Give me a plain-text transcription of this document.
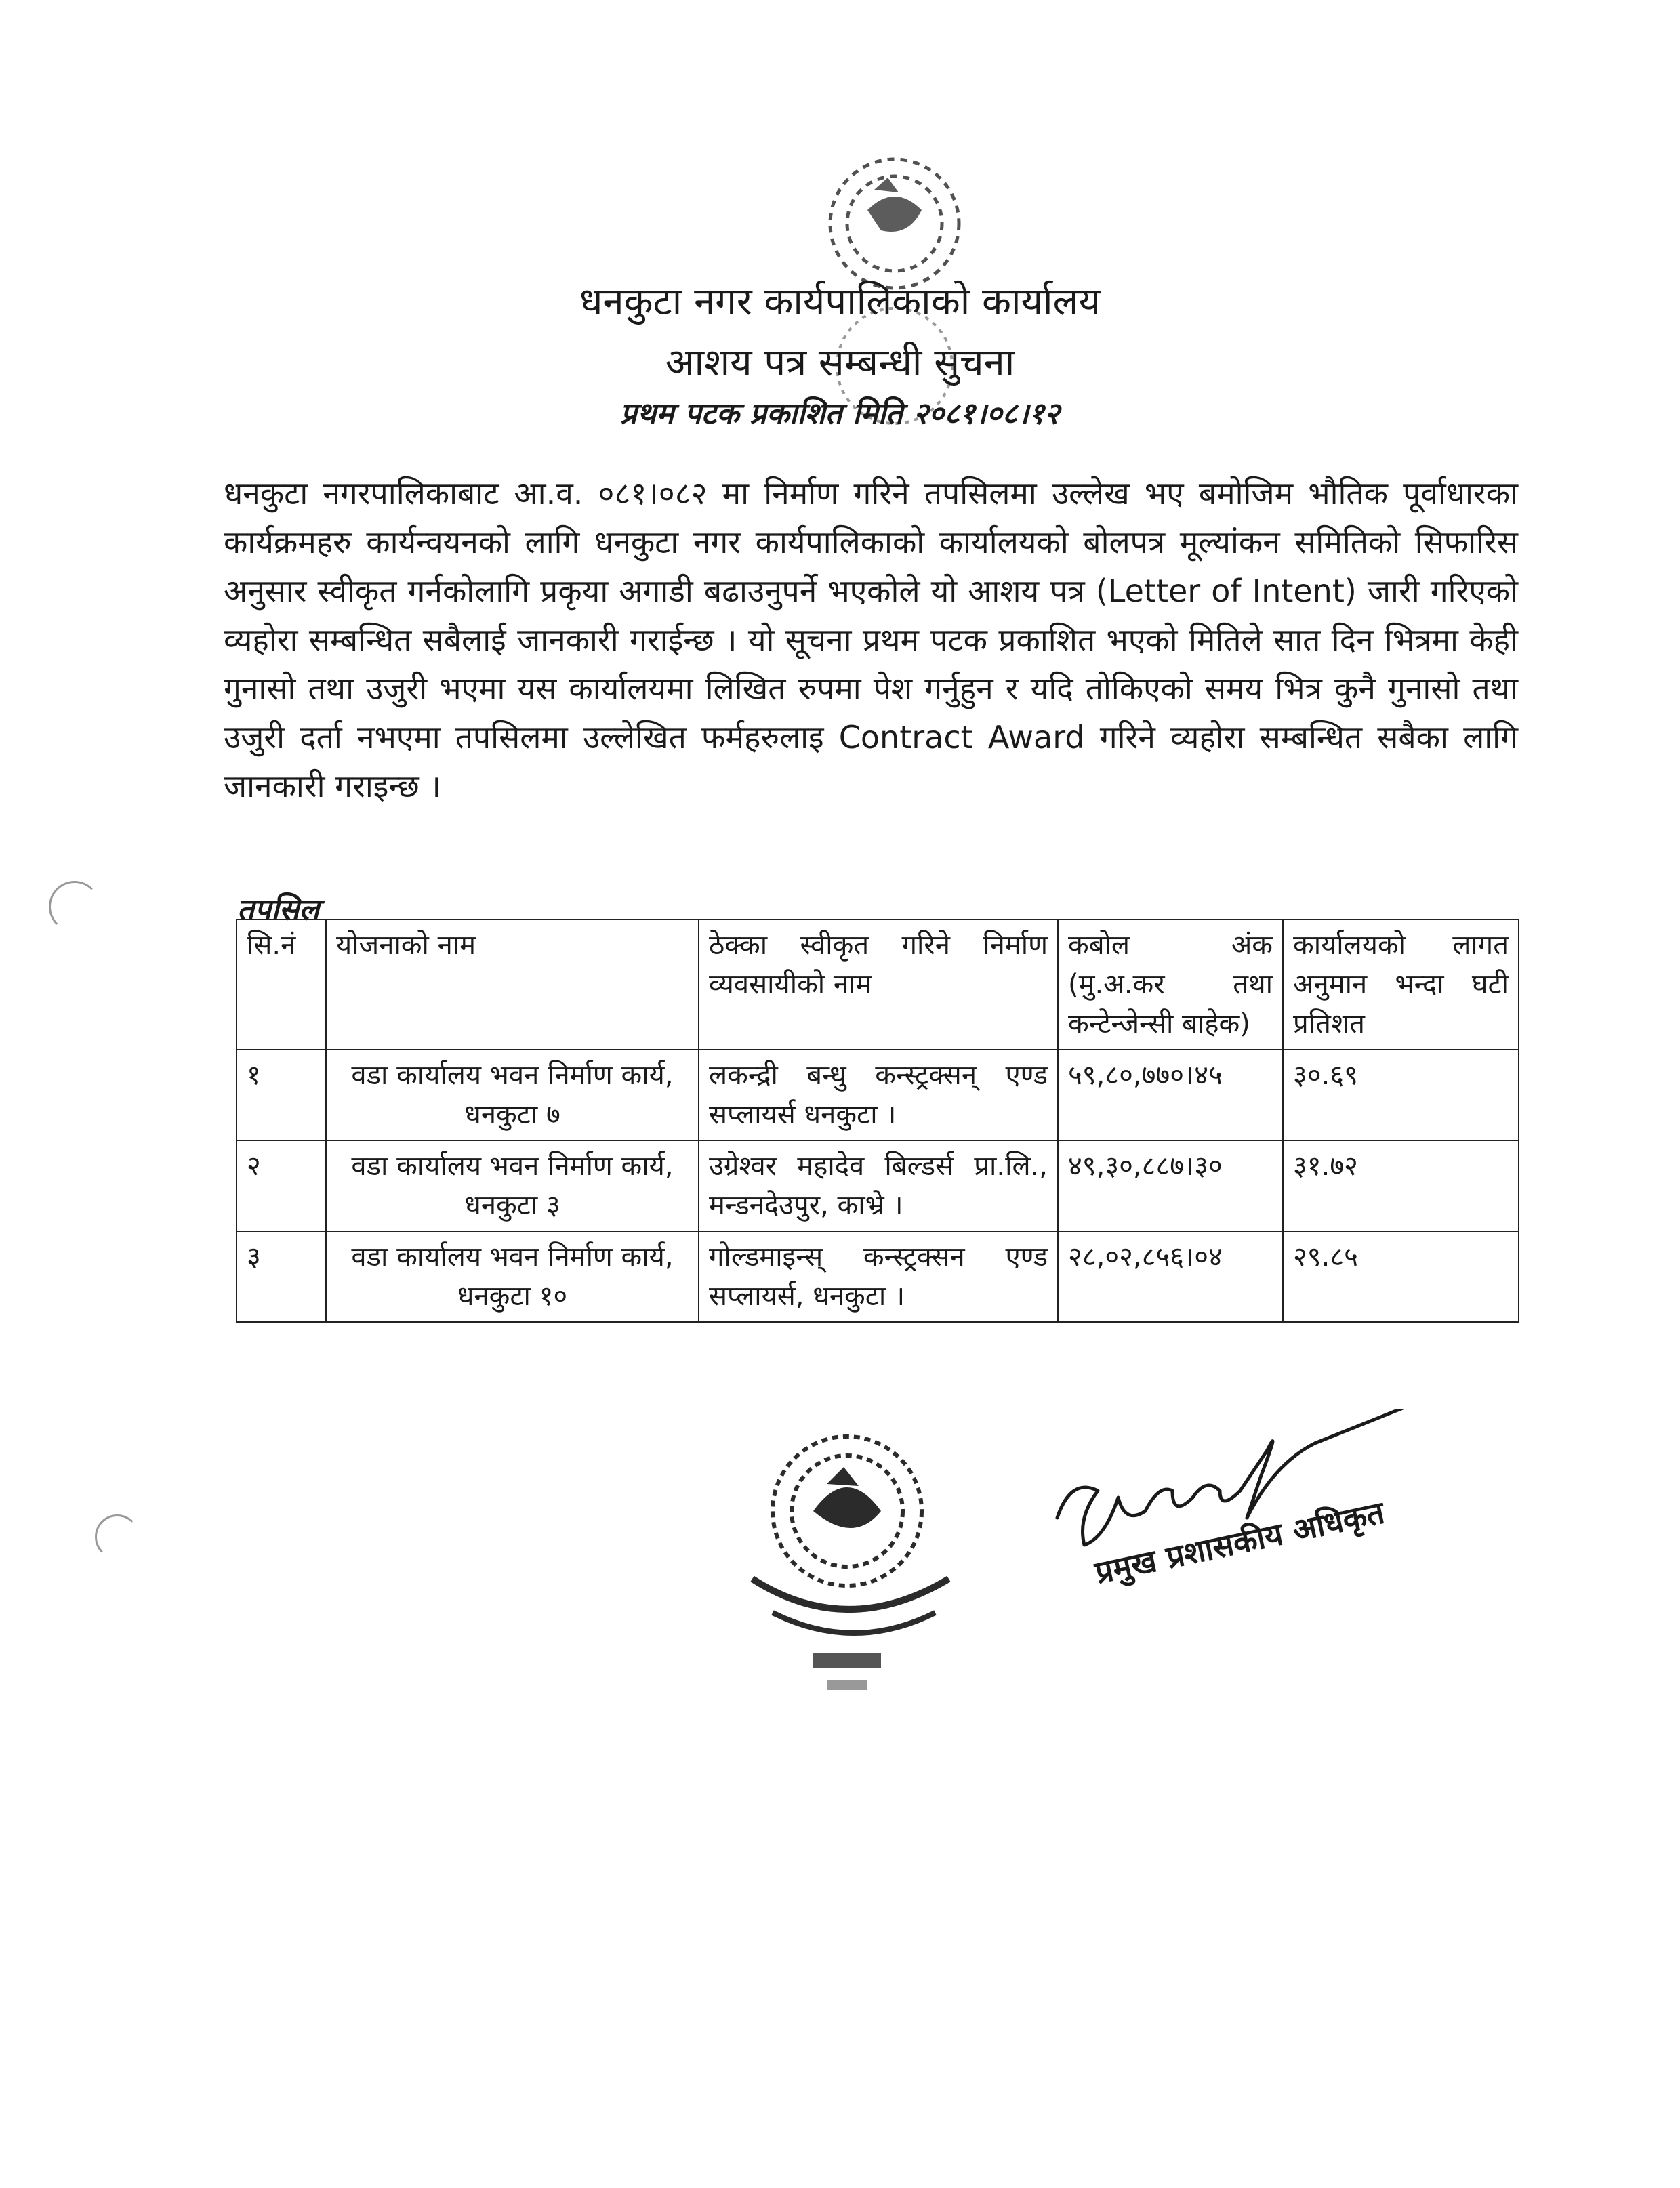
धनकुटा नगर कार्यपालिकाको कार्यालय
आशय पत्र सम्बन्धी सुचना
प्रथम पटक प्रकाशित मिति २०८१।०८।१२
धनकुटा नगरपालिकाबाट आ.व. ०८१।०८२ मा निर्माण गरिने तपसिलमा उल्लेख भए बमोजिम भौतिक पूर्वाधारका कार्यक्रमहरु कार्यन्वयनको लागि धनकुटा नगर कार्यपालिकाको कार्यालयको बोलपत्र मूल्यांकन समितिको सिफारिस अनुसार स्वीकृत गर्नकोलागि प्रकृया अगाडी बढाउनुपर्ने भएकोले यो आशय पत्र (Letter of Intent) जारी गरिएको व्यहोरा सम्बन्धित सबैलाई जानकारी गराईन्छ । यो सूचना प्रथम पटक प्रकाशित भएको मितिले सात दिन भित्रमा केही गुनासो तथा उजुरी भएमा यस कार्यालयमा लिखित रुपमा पेश गर्नुहुन र यदि तोकिएको समय भित्र कुनै गुनासो तथा उजुरी दर्ता नभएमा तपसिलमा उल्लेखित फर्महरुलाइ Contract Award गरिने व्यहोरा सम्बन्धित सबैका लागि जानकारी गराइन्छ ।
तपसिल
सि.नं	योजनाको नाम	ठेक्का स्वीकृत गरिने निर्माण व्यवसायीको नाम	कबोल अंक (मु.अ.कर तथा कन्टेन्जेन्सी बाहेक)	कार्यालयको लागत अनुमान भन्दा घटी प्रतिशत
१	वडा कार्यालय भवन निर्माण कार्य, धनकुटा ७	लकन्द्री बन्धु कन्स्ट्रक्सन् एण्ड सप्लायर्स धनकुटा ।	५९,८०,७७०।४५	३०.६९
२	वडा कार्यालय भवन निर्माण कार्य, धनकुटा ३	उग्रेश्वर महादेव बिल्डर्स प्रा.लि., मन्डनदेउपुर, काभ्रे ।	४९,३०,८८७।३०	३१.७२
३	वडा कार्यालय भवन निर्माण कार्य, धनकुटा १०	गोल्डमाइन्स् कन्स्ट्रक्सन एण्ड सप्लायर्स, धनकुटा ।	२८,०२,८५६।०४	२९.८५
प्रमुख प्रशासकीय अधिकृत
